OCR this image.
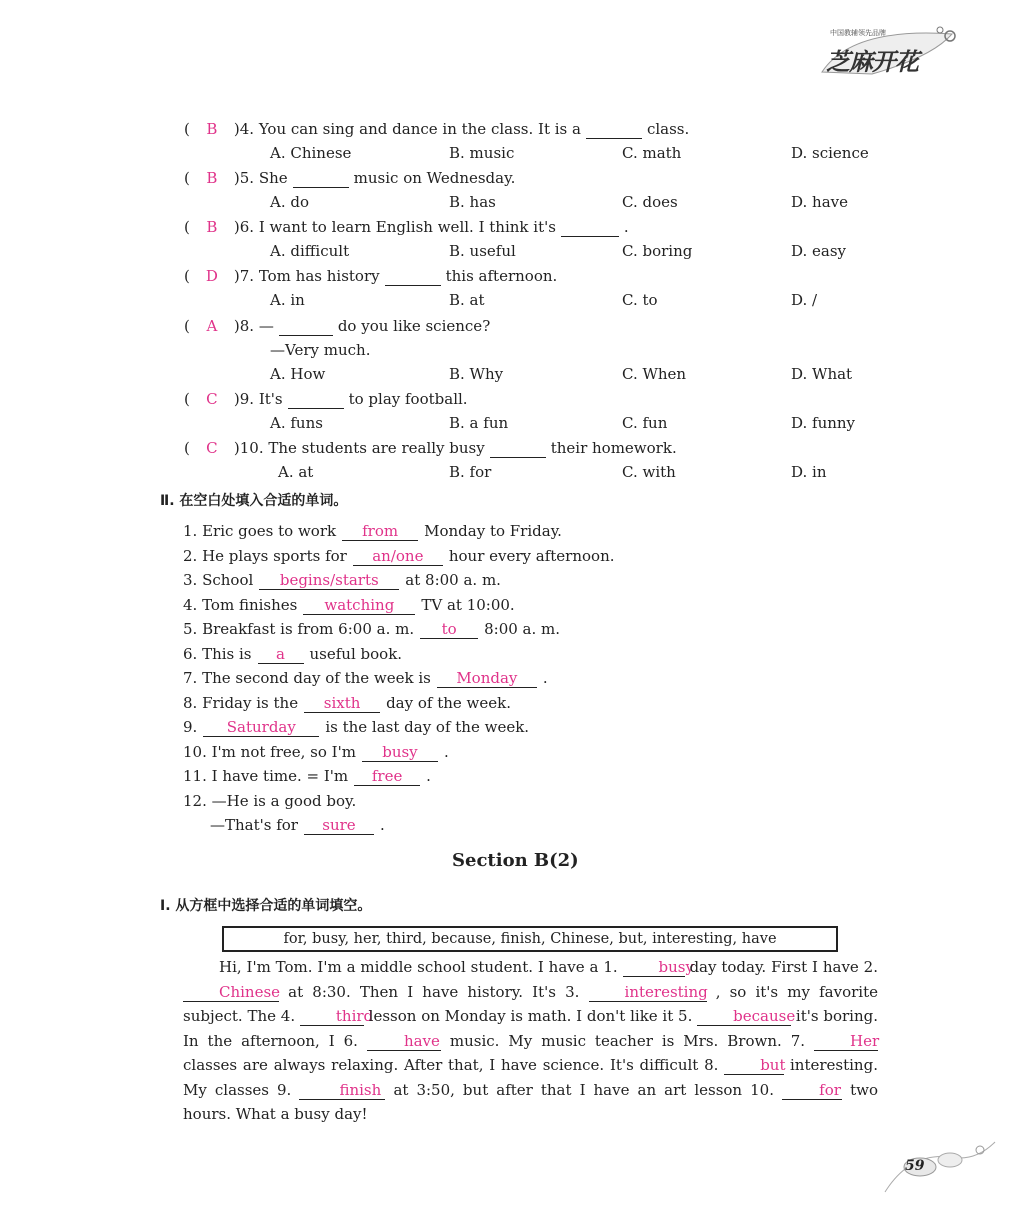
中国教辅领先品牌
芝麻开花
( B )4. You can sing and dance in the class. It is a	class.
A. Chinese	B. music	C. math	D. science
( B )5. She	music on Wednesday.
A. do	B. has	C. does	D. have
( B )6. I want to learn English well. I think it's	.
A. difficult	B. useful	C. boring	D. easy
( D )7. Tom has history	this afternoon.
A. in	B. at	C. to	D. /
( A )8. —	do you like science?
—Very much.
A. How	B. Why	C. When	D. What
( C )9. It's	to play football.
A. funs	B. a fun	C. fun	D. funny
( C )10. The students are really busy	their homework.
A. at	B. for	C. with	D. in
Ⅱ. 在空白处填入合适的单词。
1. Eric goes to work from Monday to Friday.
2. He plays sports for an/one hour every afternoon.
3. School begins/starts at 8:00 a. m.
4. Tom finishes watching TV at 10:00.
5. Breakfast is from 6:00 a. m. to 8:00 a. m.
6. This is a useful book.
7. The second day of the week is Monday .
8. Friday is the sixth day of the week.
9. Saturday is the last day of the week.
10. I'm not free, so I'm busy .
11. I have time. = I'm free .
12. —He is a good boy.
—That's for sure .
Section B(2)
Ⅰ. 从方框中选择合适的单词填空。
for, busy, her, third, because, finish, Chinese, but, interesting, have
Hi, I'm Tom. I'm a middle school student. I have a 1.	busy day today. First I have 2. Chinese at 8:30. Then I have history. It's 3.	interesting , so it's my favorite subject. The 4.	third lesson on Monday is math. I don't like it 5.	because it's boring. In the afternoon, I 6.	have music. My music teacher is Mrs. Brown. 7.	Her classes are always relaxing. After that, I have science. It's difficult 8.	but interesting. My classes 9.	finish at 3:50, but after that I have an art lesson 10.	for two hours. What a busy day!
59
